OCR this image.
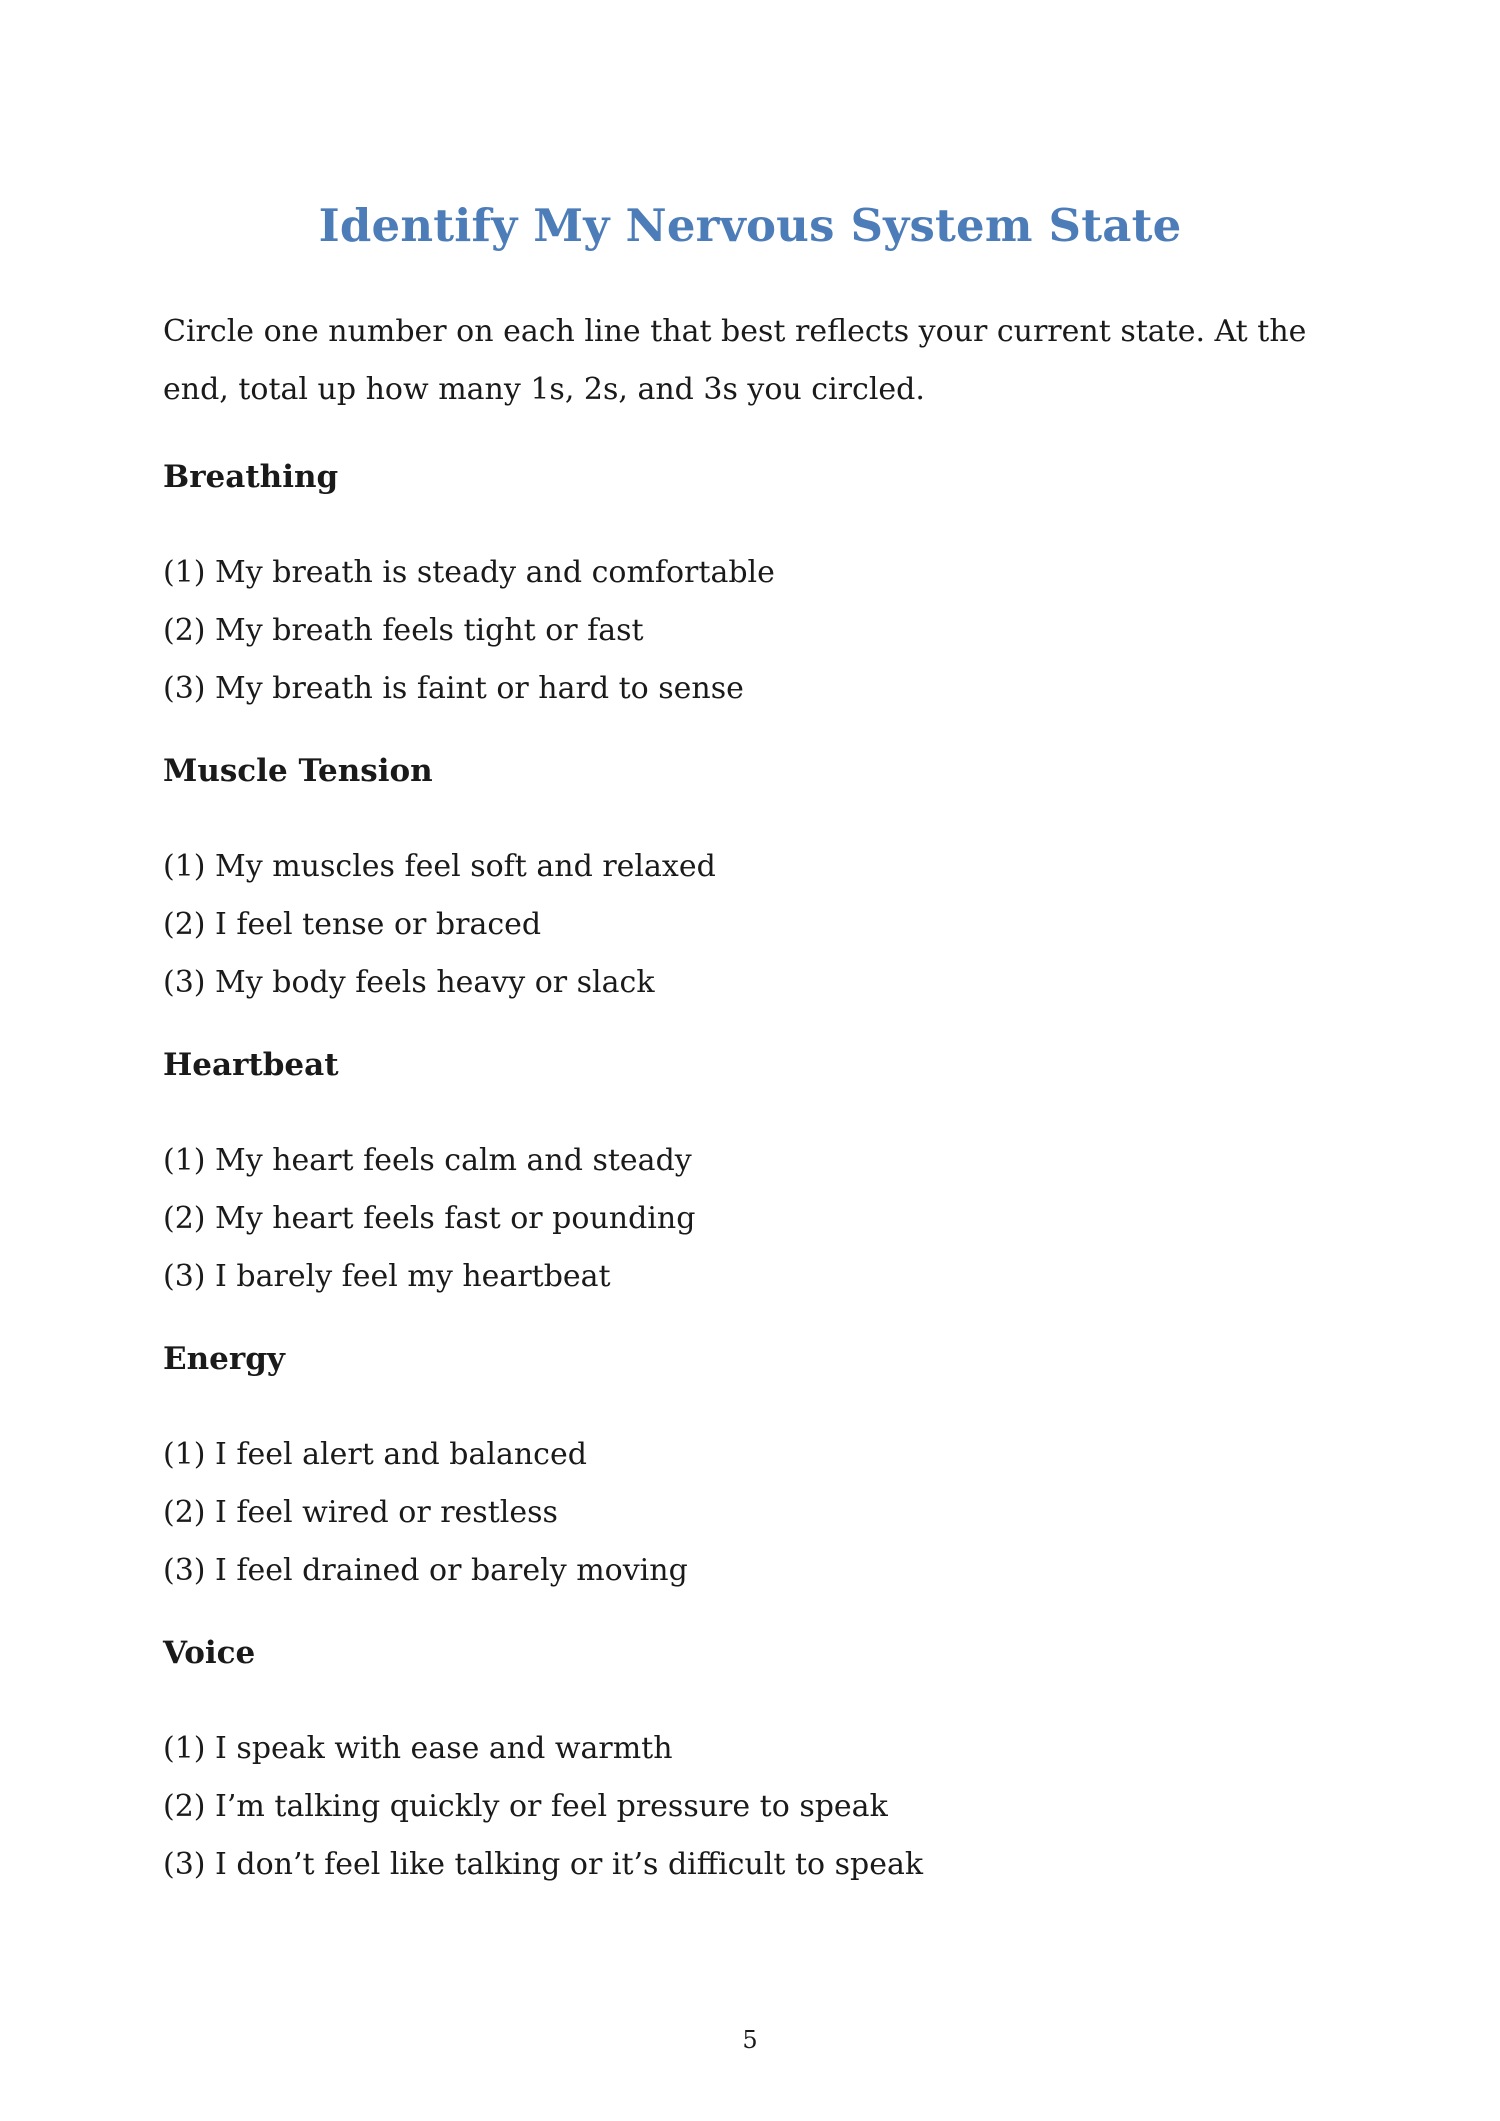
Identify My Nervous System State

Circle one number on each line that best reflects your current state. At the end, total up how many 1s, 2s, and 3s you circled.

Breathing
(1) My breath is steady and comfortable
(2) My breath feels tight or fast
(3) My breath is faint or hard to sense
Muscle Tension
(1) My muscles feel soft and relaxed
(2) I feel tense or braced
(3) My body feels heavy or slack
Heartbeat
(1) My heart feels calm and steady
(2) My heart feels fast or pounding
(3) I barely feel my heartbeat
Energy
(1) I feel alert and balanced
(2) I feel wired or restless
(3) I feel drained or barely moving
Voice
(1) I speak with ease and warmth
(2) I’m talking quickly or feel pressure to speak
(3) I don’t feel like talking or it’s difficult to speak

5
